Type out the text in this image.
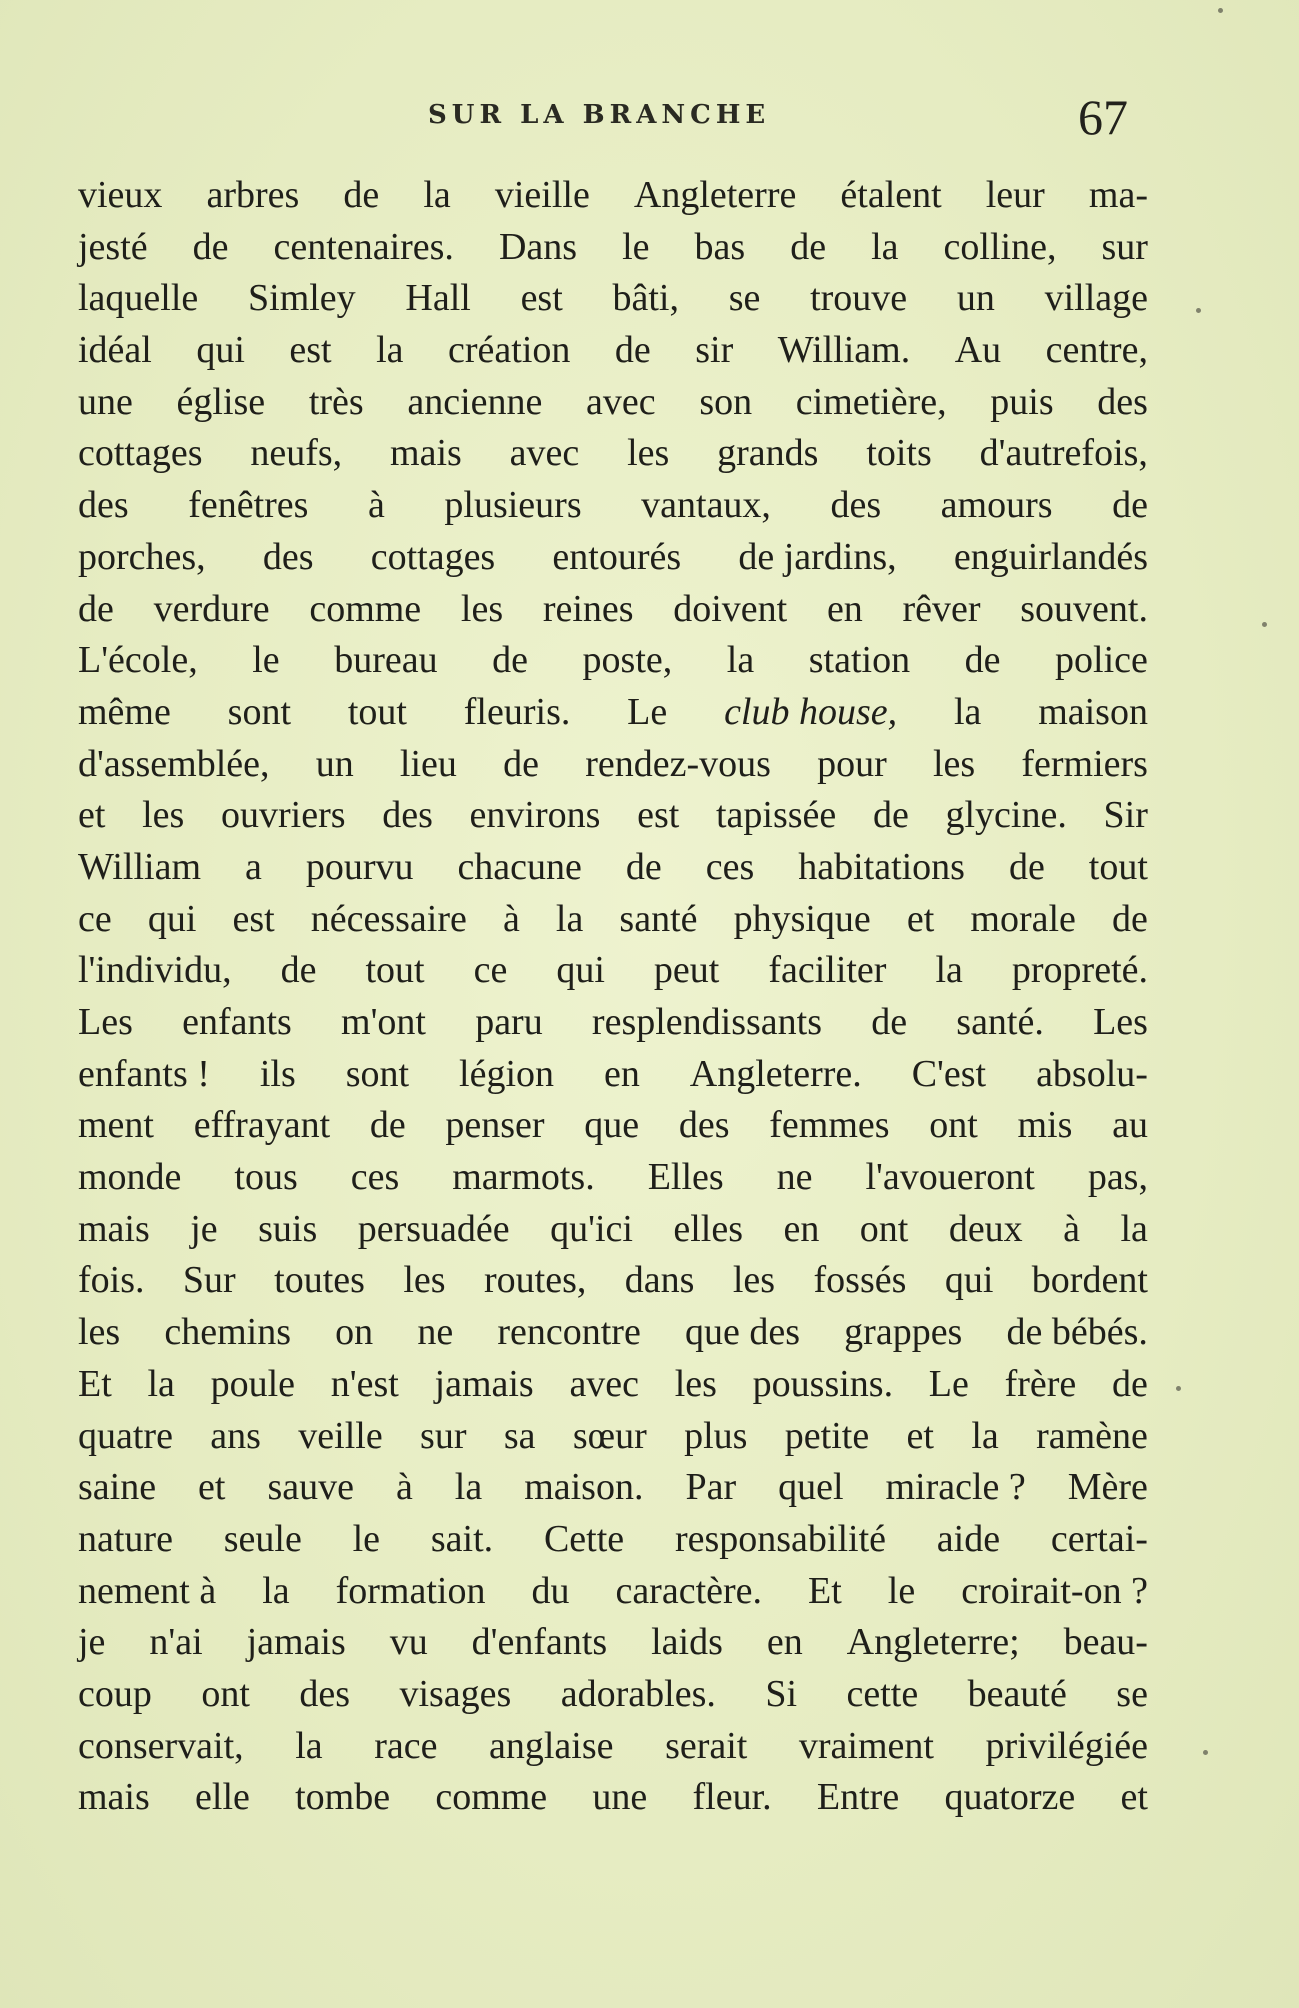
SUR LA BRANCHE	67
vieux arbres de la vieille Angleterre étalent leur ma-
jesté de centenaires. Dans le bas de la colline, sur
laquelle Simley Hall est bâti, se trouve un village
idéal qui est la création de sir William. Au centre,
une église très ancienne avec son cimetière, puis des
cottages neufs, mais avec les grands toits d'autrefois,
des fenêtres à plusieurs vantaux, des amours de
porches, des cottages entourés de jardins, enguirlandés
de verdure comme les reines doivent en rêver souvent.
L'école, le bureau de poste, la station de police
même sont tout fleuris. Le club house, la maison
d'assemblée, un lieu de rendez-vous pour les fermiers
et les ouvriers des environs est tapissée de glycine. Sir
William a pourvu chacune de ces habitations de tout
ce qui est nécessaire à la santé physique et morale de
l'individu, de tout ce qui peut faciliter la propreté.
Les enfants m'ont paru resplendissants de santé. Les
enfants ! ils sont légion en Angleterre. C'est absolu-
ment effrayant de penser que des femmes ont mis au
monde tous ces marmots. Elles ne l'avoueront pas,
mais je suis persuadée qu'ici elles en ont deux à la
fois. Sur toutes les routes, dans les fossés qui bordent
les chemins on ne rencontre que des grappes de bébés.
Et la poule n'est jamais avec les poussins. Le frère de
quatre ans veille sur sa sœur plus petite et la ramène
saine et sauve à la maison. Par quel miracle ? Mère
nature seule le sait. Cette responsabilité aide certai-
nement à la formation du caractère. Et le croirait-on ?
je n'ai jamais vu d'enfants laids en Angleterre; beau-
coup ont des visages adorables. Si cette beauté se
conservait, la race anglaise serait vraiment privilégiée
mais elle tombe comme une fleur. Entre quatorze et
